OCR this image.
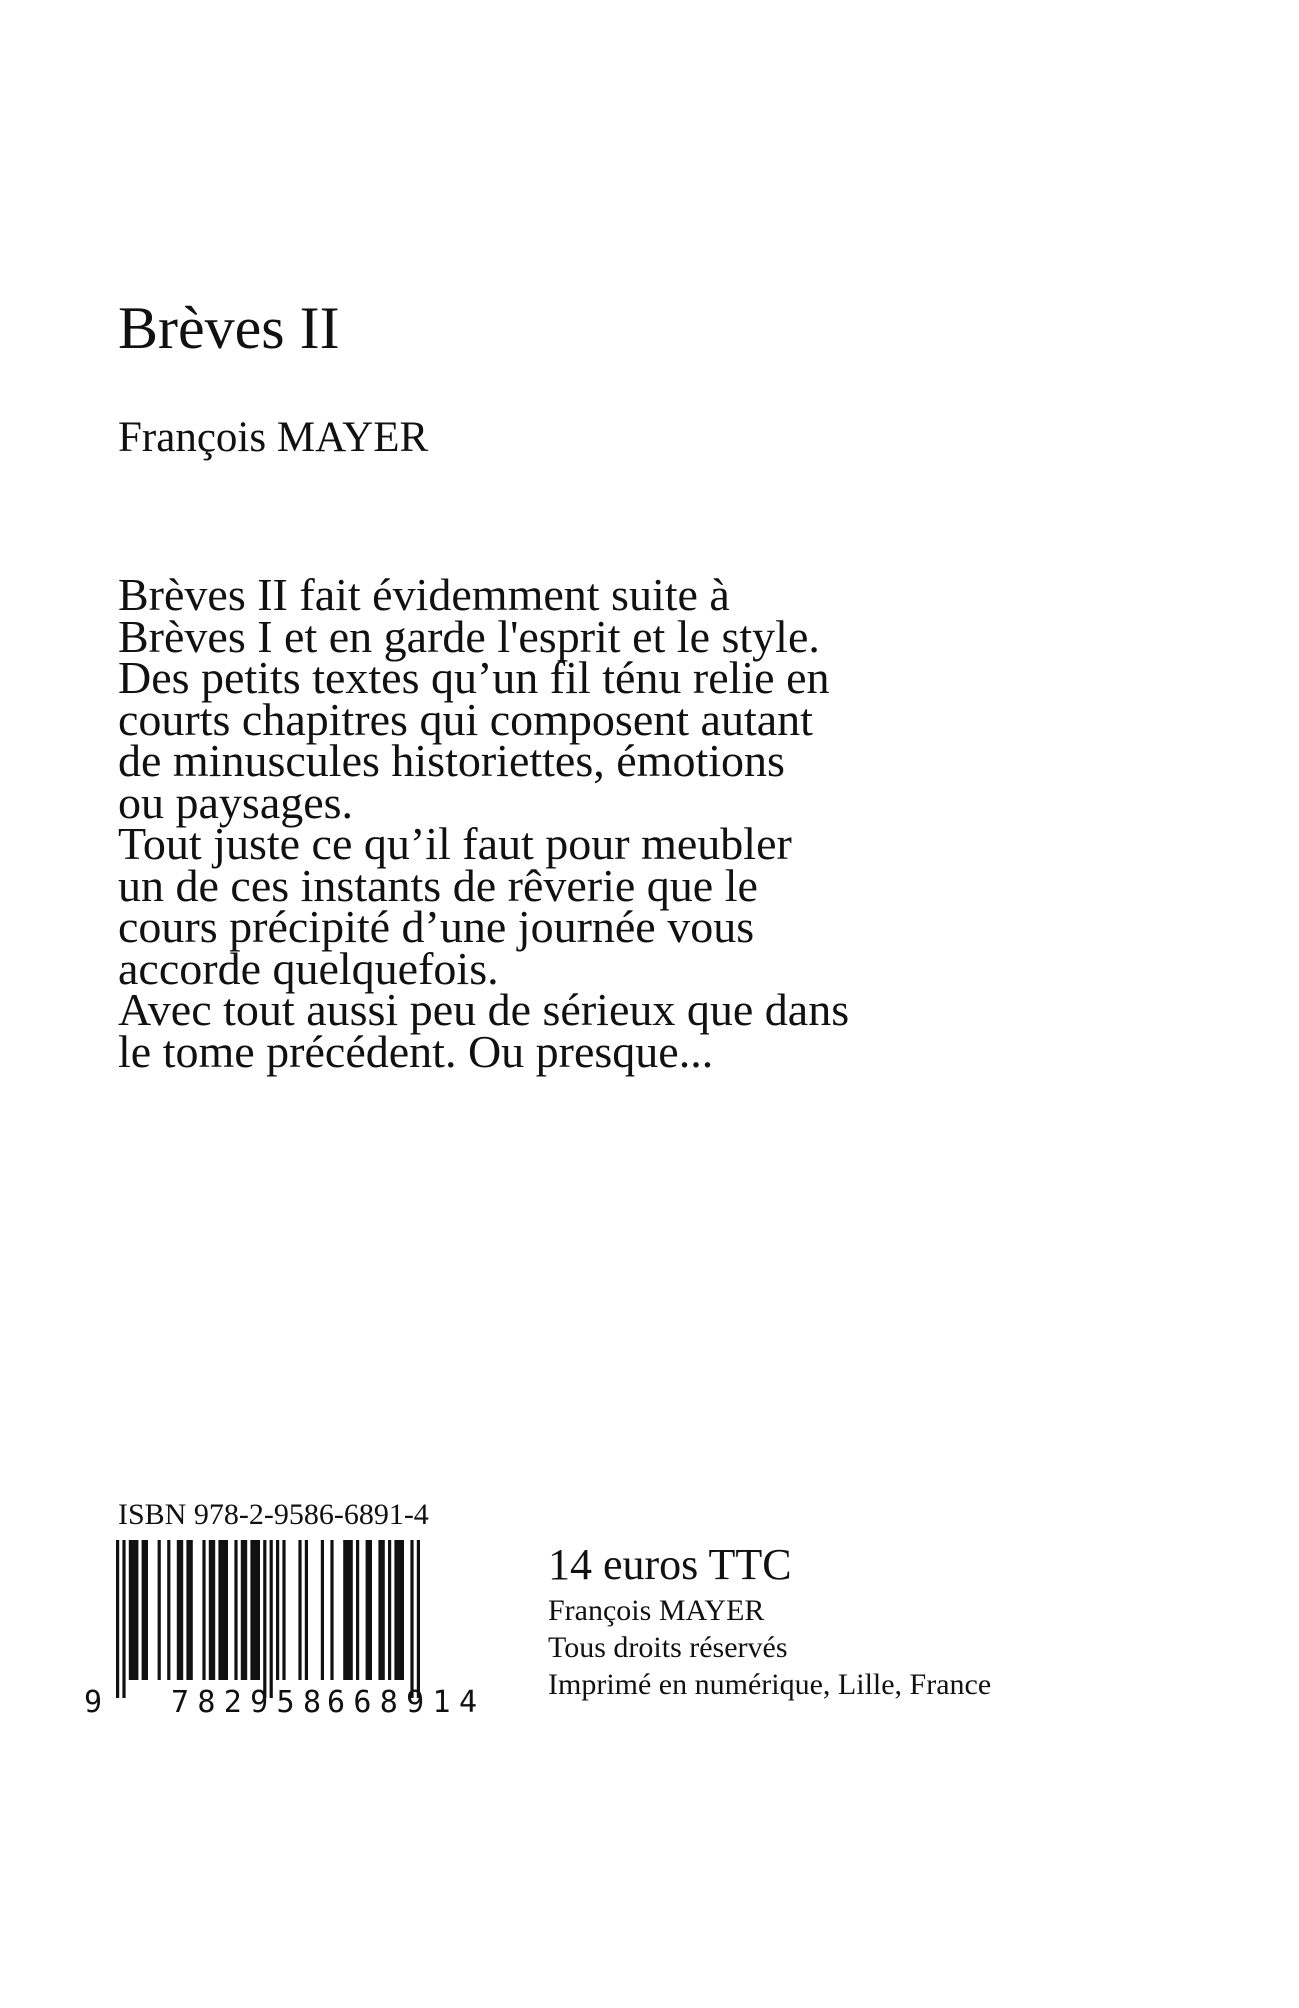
Brèves II

François MAYER

Brèves II fait évidemment suite à
Brèves I et en garde l'esprit et le style.
Des petits textes qu’un fil ténu relie en
courts chapitres qui composent autant
de minuscules historiettes, émotions
ou paysages.
Tout juste ce qu’il faut pour meubler
un de ces instants de rêverie que le
cours précipité d’une journée vous
accorde quelquefois.
Avec tout aussi peu de sérieux que dans
le tome précédent. Ou presque...

ISBN 978-2-9586-6891-4

9 782958 668914
14 euros TTC
François MAYER
Tous droits réservés
Imprimé en numérique, Lille, France
